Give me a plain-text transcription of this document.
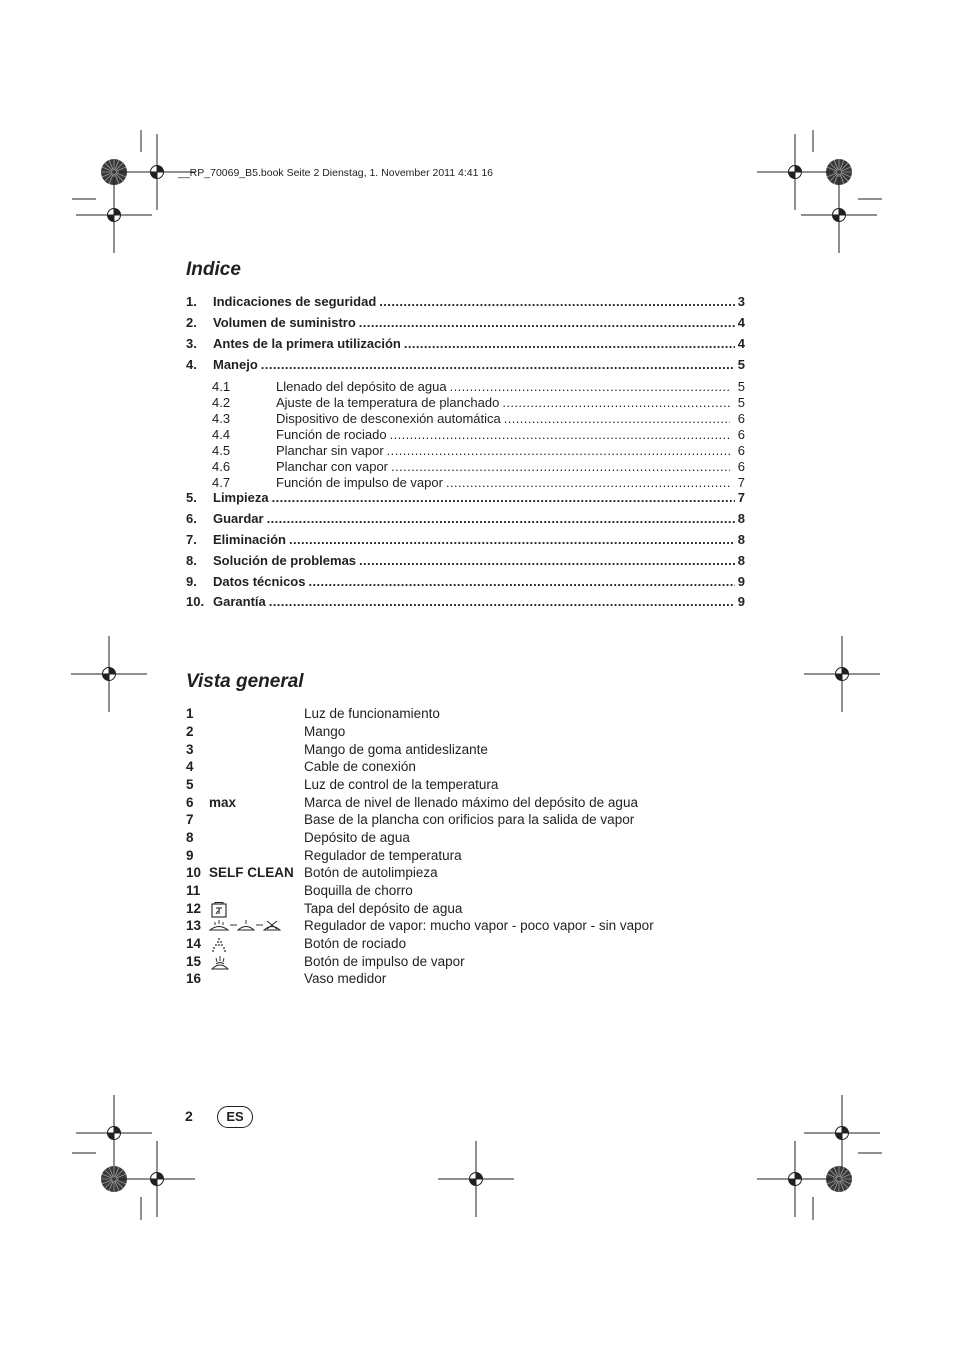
__RP_70069_B5.book Seite 2 Dienstag, 1. November 2011 4:41 16
Indice
1. Indicaciones de seguridad .....	3
2. Volumen de suministro .....	4
3. Antes de la primera utilización .....	4
4. Manejo .....	5
4.1	Llenado del depósito de agua .....	5
4.2	Ajuste de la temperatura de planchado .....	5
4.3	Dispositivo de desconexión automática .....	6
4.4	Función de rociado .....	6
4.5	Planchar sin vapor .....	6
4.6	Planchar con vapor .....	6
4.7	Función de impulso de vapor .....	7
5. Limpieza .....	7
6. Guardar .....	8
7. Eliminación .....	8
8. Solución de problemas .....	8
9. Datos técnicos .....	9
10. Garantía .....	9
Vista general
1	Luz de funcionamiento
2	Mango
3	Mango de goma antideslizante
4	Cable de conexión
5	Luz de control de la temperatura
6 max	Marca de nivel de llenado máximo del depósito de agua
7	Base de la plancha con orificios para la salida de vapor
8	Depósito de agua
9	Regulador de temperatura
10 SELF CLEAN Botón de autolimpieza
11	Boquilla de chorro
12	Tapa del depósito de agua
13	Regulador de vapor: mucho vapor - poco vapor - sin vapor
14	Botón de rociado
15	Botón de impulso de vapor
16	Vaso medidor
2	ES
